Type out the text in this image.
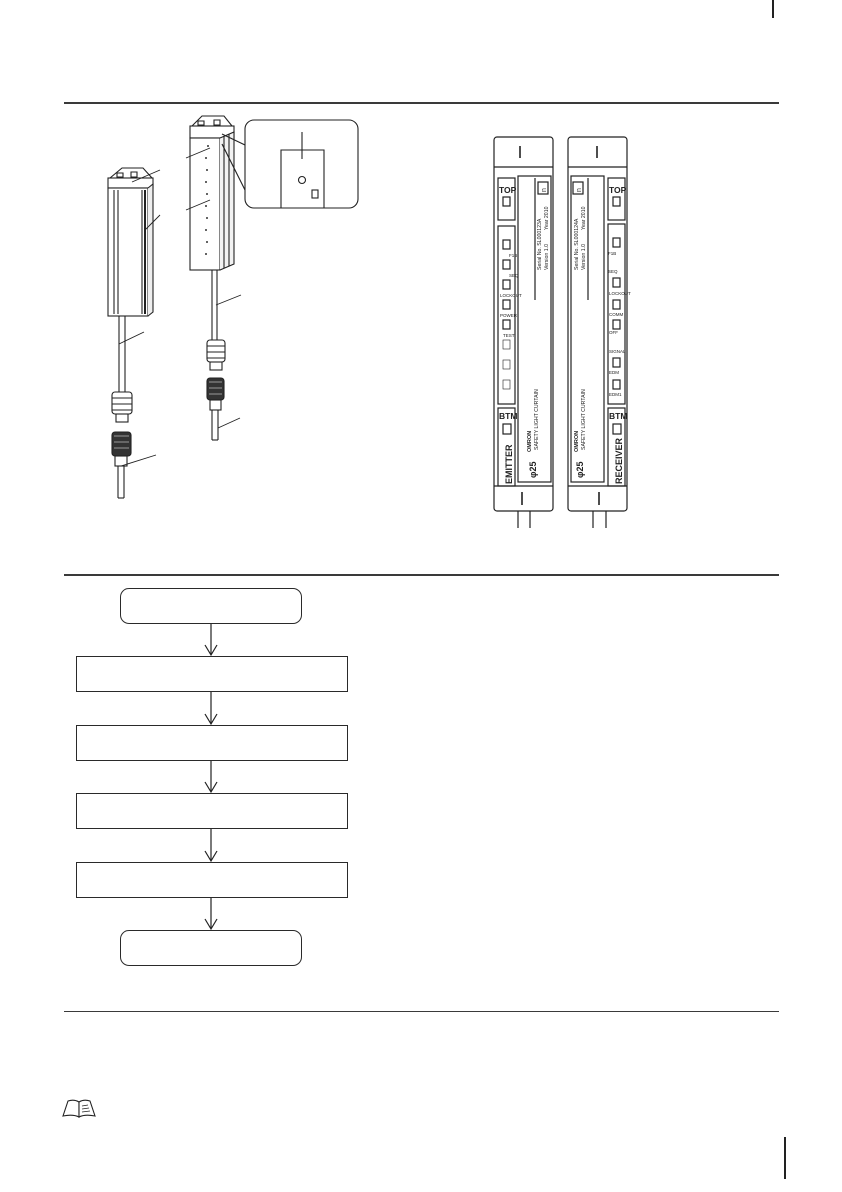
TOP
BTM
F1B
SEQ
LOCKOUT
POWER
TEST
EMITTER φ25
OMRON SAFETY LIGHT CURTAIN
Serial No. SL000123A Version 1.0
Year 2010
n	TOP
BTM
F1B
SEQ
LOCKOUT
COMM
OFF
SIGNAL
EDM
EDM1
RECEIVER
φ25
OMRON SAFETY LIGHT CURTAIN
Serial No. SL000124A Version 1.0
Year 2010
n
